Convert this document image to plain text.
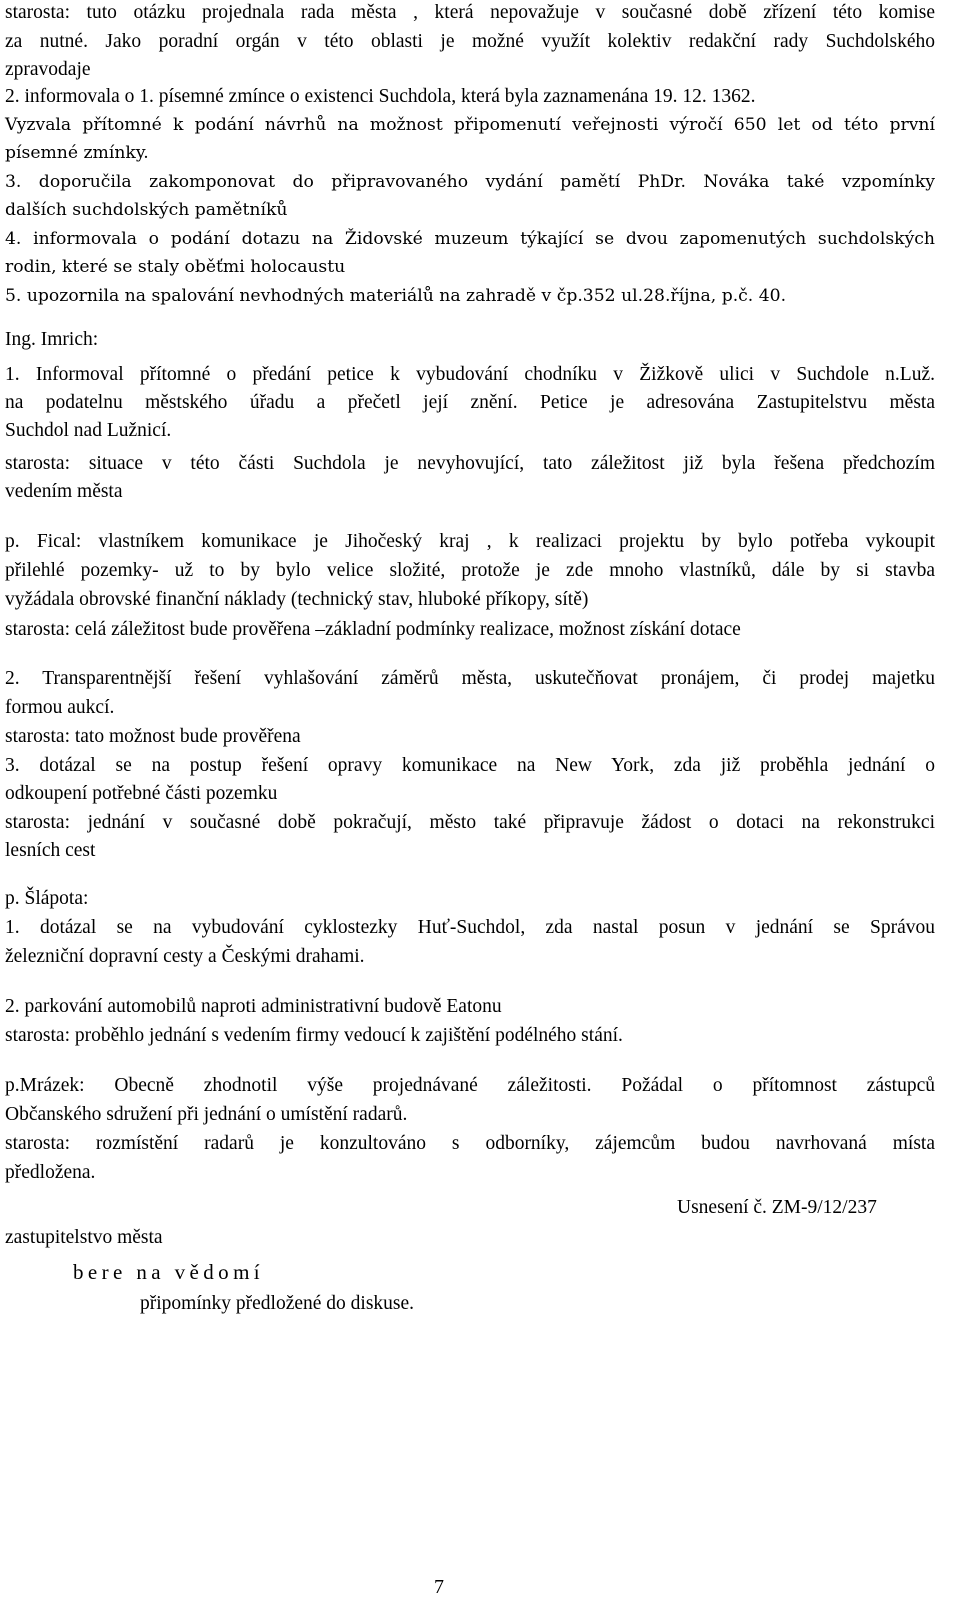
starosta: tuto otázku projednala rada města , která nepovažuje v současné době zřízení této komise
za nutné. Jako poradní orgán v této oblasti je možné využít kolektiv redakční rady Suchdolského
zpravodaje
2. informovala o 1. písemné zmínce o existenci Suchdola, která byla zaznamenána 19. 12. 1362.
Vyzvala přítomné k podání návrhů na možnost připomenutí veřejnosti výročí 650 let od této první
písemné zmínky.
3. doporučila zakomponovat do připravovaného vydání pamětí PhDr. Nováka také vzpomínky
dalších suchdolských pamětníků
4. informovala o podání dotazu na Židovské muzeum týkající se dvou zapomenutých suchdolských
rodin, které se staly oběťmi holocaustu
5. upozornila na spalování nevhodných materiálů na zahradě v čp.352 ul.28.října, p.č. 40.
Ing. Imrich:
1. Informoval přítomné o předání petice k vybudování chodníku v Žižkově ulici v Suchdole n.Luž.
na podatelnu městského úřadu a přečetl její znění. Petice je adresována Zastupitelstvu města
Suchdol nad Lužnicí.
starosta: situace v této části Suchdola je nevyhovující, tato záležitost již byla řešena předchozím
vedením města
p. Fical: vlastníkem komunikace je Jihočeský kraj , k realizaci projektu by bylo potřeba vykoupit
přilehlé pozemky- už to by bylo velice složité, protože je zde mnoho vlastníků, dále by si stavba
vyžádala obrovské finanční náklady (technický stav, hluboké příkopy, sítě)
starosta: celá záležitost bude prověřena –základní podmínky realizace, možnost získání dotace
2. Transparentnější řešení vyhlašování záměrů města, uskutečňovat pronájem, či prodej majetku
formou aukcí.
starosta: tato možnost bude prověřena
3. dotázal se na postup řešení opravy komunikace na New York, zda již proběhla jednání o
odkoupení potřebné části pozemku
starosta: jednání v současné době pokračují, město také připravuje žádost o dotaci na rekonstrukci
lesních cest
p. Šlápota:
1. dotázal se na vybudování cyklostezky Huť-Suchdol, zda nastal posun v jednání se Správou
železniční dopravní cesty a Českými drahami.
2. parkování automobilů naproti administrativní budově Eatonu
starosta: proběhlo jednání s vedením firmy vedoucí k zajištění podélného stání.
p.Mrázek: Obecně zhodnotil výše projednávané záležitosti. Požádal o přítomnost zástupců
Občanského sdružení při jednání o umístění radarů.
starosta: rozmístění radarů je konzultováno s odborníky, zájemcům budou navrhovaná místa
předložena.
Usnesení č. ZM-9/12/237
zastupitelstvo města
bere na vědomí
připomínky předložené do diskuse.
7
